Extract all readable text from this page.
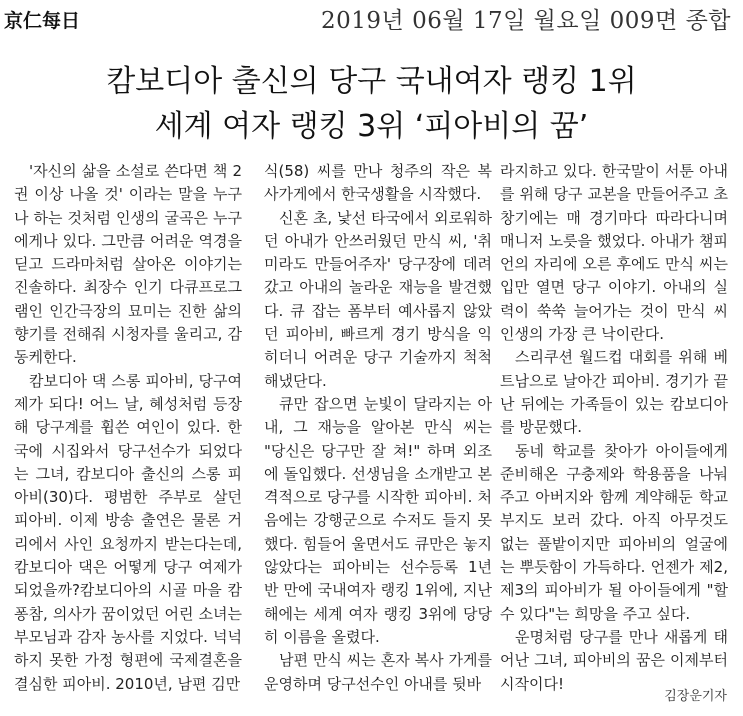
京仁每日	2019년 06월 17일 월요일 009면 종합
캄보디아 출신의 당구 국내여자 랭킹 1위
세계 여자 랭킹 3위 ‘피아비의 꿈’

'자신의 삶을 소설로 쓴다면 책 2권 이상 나올 것' 이라는 말을 누구나 하는 것처럼 인생의 굴곡은 누구에게나 있다. 그만큼 어려운 역경을 딛고 드라마처럼 살아온 이야기는 진솔하다. 최장수 인기 다큐프로그램인 인간극장의 묘미는 진한 삶의 향기를 전해줘 시청자를 울리고, 감동케한다.

캄보디아 댁 스롱 피아비, 당구여제가 되다! 어느 날, 혜성처럼 등장해 당구계를 휩쓴 여인이 있다. 한국에 시집와서 당구선수가 되었다는 그녀, 캄보디아 출신의 스롱 피아비(30)다. 평범한 주부로 살던 피아비. 이제 방송 출연은 물론 거리에서 사인 요청까지 받는다는데, 캄보디아 댁은 어떻게 당구 여제가 되었을까?캄보디아의 시골 마을 캄퐁참, 의사가 꿈이었던 어린 소녀는 부모님과 감자 농사를 지었다. 넉넉하지 못한 가정 형편에 국제결혼을 결심한 피아비. 2010년, 남편 김만

식(58) 씨를 만나 청주의 작은 복사가게에서 한국생활을 시작했다.

신혼 초, 낯선 타국에서 외로워하던 아내가 안쓰러웠던 만식 씨, '취미라도 만들어주자' 당구장에 데려갔고 아내의 놀라운 재능을 발견했다. 큐 잡는 폼부터 예사롭지 않았던 피아비, 빠르게 경기 방식을 익히더니 어려운 당구 기술까지 척척 해냈단다.

큐만 잡으면 눈빛이 달라지는 아내, 그 재능을 알아본 만식 씨는 "당신은 당구만 잘 쳐!" 하며 외조에 돌입했다. 선생님을 소개받고 본격적으로 당구를 시작한 피아비. 처음에는 강행군으로 수저도 들지 못했다. 힘들어 울면서도 큐만은 놓지 않았다는 피아비는 선수등록 1년 반 만에 국내여자 랭킹 1위에, 지난해에는 세계 여자 랭킹 3위에 당당히 이름을 올렸다.

남편 만식 씨는 혼자 복사 가게를 운영하며 당구선수인 아내를 뒷바

라지하고 있다. 한국말이 서툰 아내를 위해 당구 교본을 만들어주고 초창기에는 매 경기마다 따라다니며 매니저 노릇을 했었다. 아내가 챔피언의 자리에 오른 후에도 만식 씨는 입만 열면 당구 이야기. 아내의 실력이 쑥쑥 늘어가는 것이 만식 씨 인생의 가장 큰 낙이란다.

스리쿠션 월드컵 대회를 위해 베트남으로 날아간 피아비. 경기가 끝난 뒤에는 가족들이 있는 캄보디아를 방문했다.

동네 학교를 찾아가 아이들에게 준비해온 구충제와 학용품을 나눠주고 아버지와 함께 계약해둔 학교 부지도 보러 갔다. 아직 아무것도 없는 풀밭이지만 피아비의 얼굴에는 뿌듯함이 가득하다. 언젠가 제2, 제3의 피아비가 될 아이들에게 "할 수 있다"는 희망을 주고 싶다.

운명처럼 당구를 만나 새롭게 태어난 그녀, 피아비의 꿈은 이제부터 시작이다!

김장운기자
